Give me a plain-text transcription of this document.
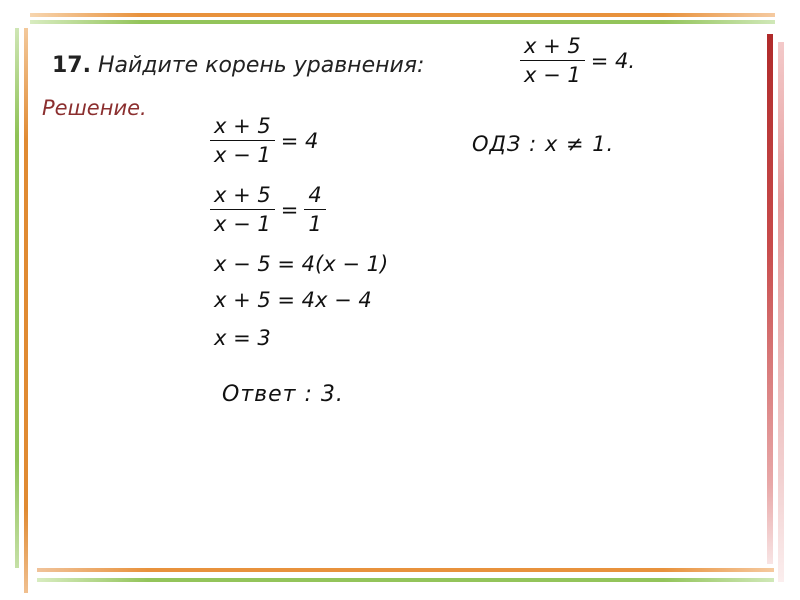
17. Найдите корень уравнения:	$\frac{x + 5}{x - 1} = 4$.
Решение.
$\frac{x + 5}{x - 1} = 4$
$\frac{x + 5}{x - 1} = \frac{4}{1}$
x − 5 = 4(x − 1)
x + 5 = 4x − 4
x = 3
ОДЗ : x ≠ 1.
Ответ : 3.
